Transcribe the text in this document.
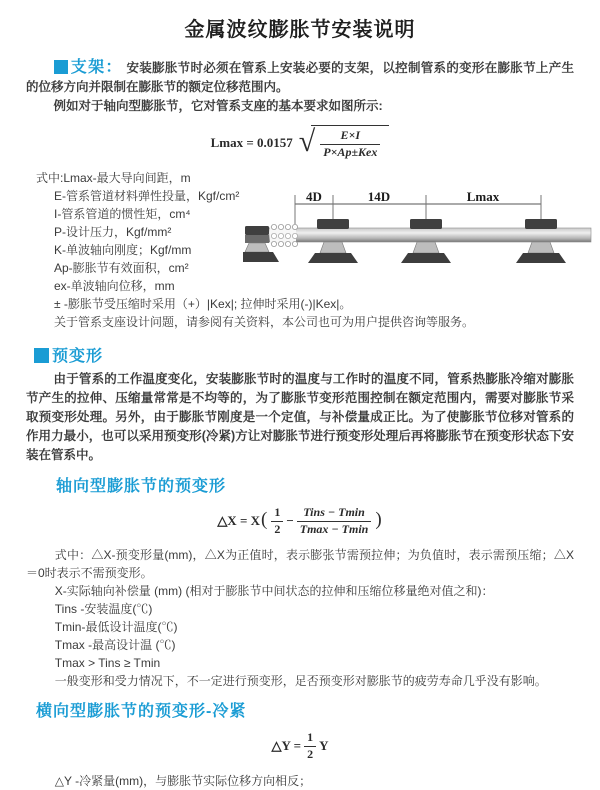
金属波纹膨胀节安装说明

支架： 安装膨胀节时必须在管系上安装必要的支架，以控制管系的变形在膨胀节上产生的位移方向并限制在膨胀节的额定位移范围内。

例如对于轴向型膨胀节，它对管系支座的基本要求如图所示:

Lmax = 0.0157 √ $\frac{E\times I}{\text{P×Ap±Kex}}$
式中:Lmax-最大导向间距，m
E-管系管道材料弹性投量，Kgf/cm²
I-管系管道的惯性矩，cm⁴
P-设计压力，Kgf/mm²
K-单波轴向刚度；Kgf/mm
Ap-膨胀节有效面积，cm²
ex-单波轴向位移，mm
± -膨胀节受压缩时采用（+）|Kex|; 拉伸时采用(-)|Kex|。
关于管系支座设计问题，请参阅有关资料，本公司也可为用户提供咨询等服务。
4D	14D	Lmax
预变形

由于管系的工作温度变化，安装膨胀节时的温度与工作时的温度不同，管系热膨胀冷缩对膨胀节产生的拉伸、压缩量常常是不均等的，为了膨胀节变形范围控制在额定范围内，需要对膨胀节采取预变形处理。另外，由于膨胀节刚度是一个定值，与补偿量成正比。为了使膨胀节位移对管系的作用力最小，也可以采用预变形(冷紧)方让对膨胀节进行预变形处理后再将膨胀节在预变形状态下安装在管系中。

轴向型膨胀节的预变形
△X = X ( $\frac{1}{2} - \frac{\text{Tins − Tmin}}{Tmax - Tmin}$ )
式中：△X-预变形量(mm)，△X为正值时，表示膨张节需预拉伸；为负值时，表示需预压缩；△X＝0时表示不需预变形。
X-实际轴向补偿量 (mm) (相对于膨胀节中间状态的拉伸和压缩位移量绝对值之和)：
Tins -安装温度(℃)
Tmin-最低设计温度(℃)
Tmax -最高设计温 (℃)
Tmax > Tins ≥ Tmin
一般变形和受力情况下，不一定进行预变形，足否预变形对膨胀节的疲劳寿命几乎没有影响。
横向型膨胀节的预变形-冷紧
△Y = $\frac{1}{2}$ Y
△Y -冷紧量(mm)，与膨胀节实际位移方向相反；
